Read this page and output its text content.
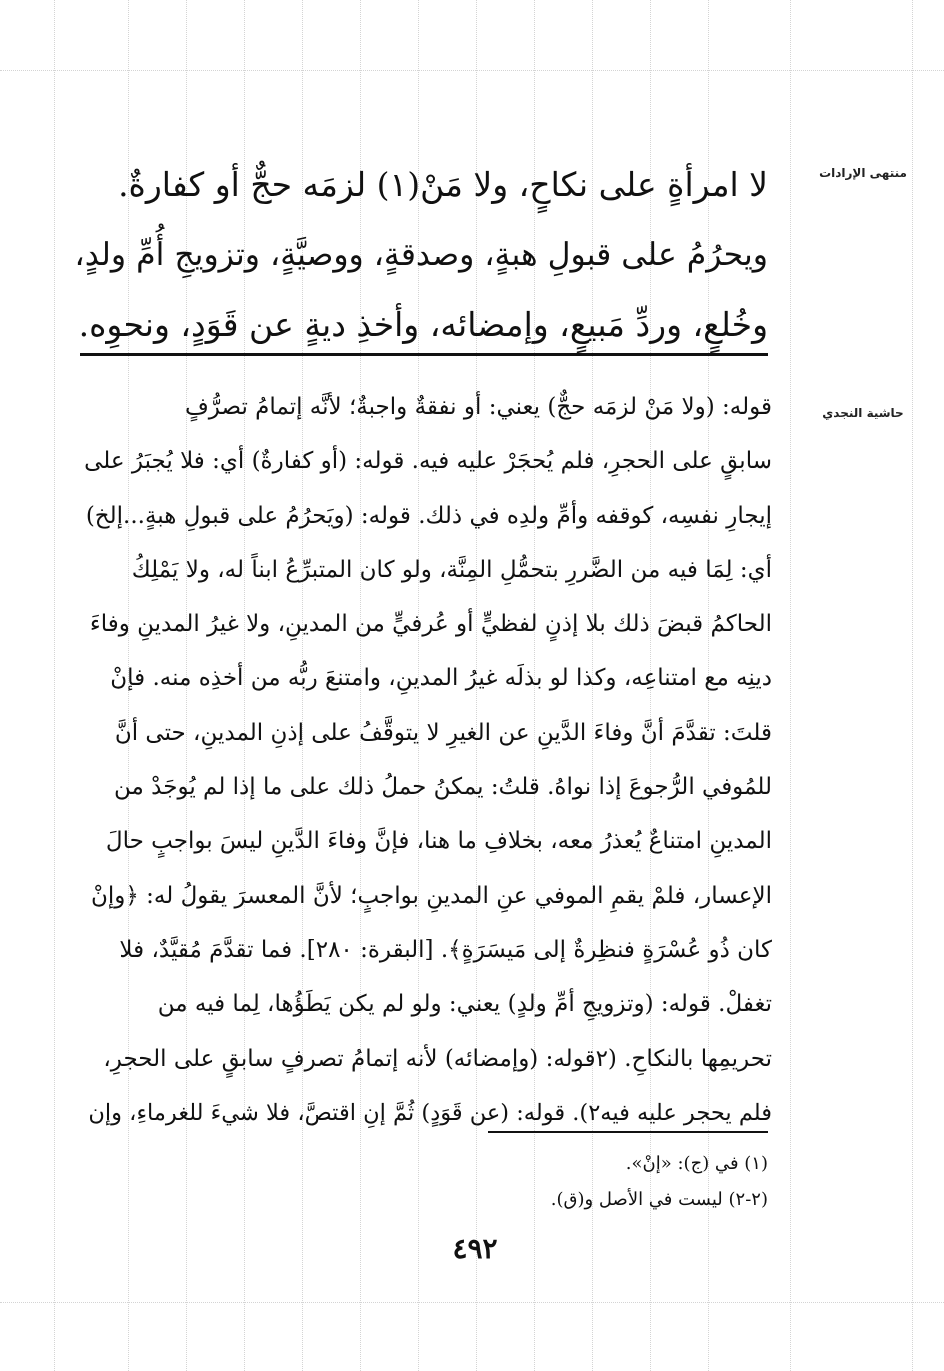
منتهى الإرادات
حاشية النجدي
لا امرأةٍ على نكاحٍ، ولا مَنْ(١) لزمَه حجٌّ أو كفارةٌ.
ويحرُمُ على قبولِ هبةٍ، وصدقةٍ، ووصيَّةٍ، وتزويجِ أُمِّ ولدٍ،
وخُلعٍ، وردِّ مَبيعٍ، وإمضائه، وأخذِ ديةٍ عن قَوَدٍ، ونحوِه.
قوله: (ولا مَنْ لزمَه حجٌّ) يعني: أو نفقةٌ واجبةٌ؛ لأنَّه إتمامُ تصرُّفٍ
سابقٍ على الحجرِ، فلم يُحجَرْ عليه فيه. قوله: (أو كفارةٌ) أي: فلا يُجبَرُ على
إيجارِ نفسِه، كوقفه وأمِّ ولدِه في ذلك. قوله: (ويَحرُمُ على قبولِ هبةٍ...إلخ)
أي: لِمَا فيه من الضَّررِ بتحمُّلِ المِنَّة، ولو كان المتبرِّعُ ابناً له، ولا يَمْلِكُ
الحاكمُ قبضَ ذلك بلا إذنٍ لفظيٍّ أو عُرفيٍّ من المدينِ، ولا غيرُ المدينِ وفاءَ
دينِه مع امتناعِه، وكذا لو بذلَه غيرُ المدينِ، وامتنعَ ربُّه من أخذِه منه. فإنْ
قلتَ: تقدَّمَ أنَّ وفاءَ الدَّينِ عن الغيرِ لا يتوقَّفُ على إذنِ المدينِ، حتى أنَّ
للمُوفي الرُّجوعَ إذا نواهُ. قلتُ: يمكنُ حملُ ذلك على ما إذا لم يُوجَدْ من
المدينِ امتناعٌ يُعذرُ معه، بخلافِ ما هنا، فإنَّ وفاءَ الدَّينِ ليسَ بواجبٍ حالَ
الإعسار، فلمْ يقمِ الموفي عنِ المدينِ بواجبٍ؛ لأنَّ المعسرَ يقولُ له: ﴿وإنْ
كان ذُو عُسْرَةٍ فنظِرةٌ إلى مَيسَرَةٍ﴾. [البقرة: ٢٨٠]. فما تقدَّمَ مُقيَّدٌ، فلا
تغفلْ. قوله: (وتزويجِ أمِّ ولدٍ) يعني: ولو لم يكن يَطَؤُها، لِما فيه من
تحريمِها بالنكاحِ. (٢قوله: (وإمضائه) لأنه إتمامُ تصرفٍ سابقٍ على الحجرِ،
فلم يحجر عليه فيه٢). قوله: (عن قَوَدٍ) ثُمَّ إنِ اقتصَّ، فلا شيءَ للغرماءِ، وإن
(١) في (ج): «إنْ».
(٢-٢) ليست في الأصل و(ق).
٤٩٢
